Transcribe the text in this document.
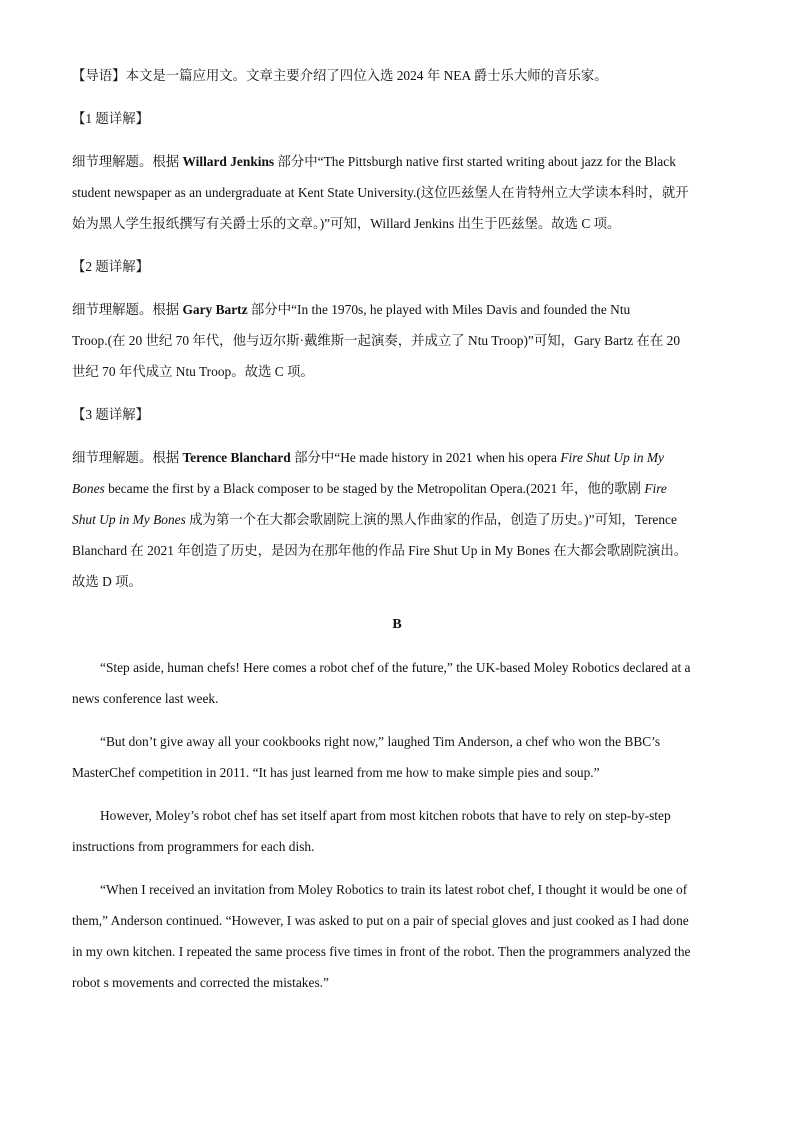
【导语】本文是一篇应用文。文章主要介绍了四位入选 2024 年 NEA 爵士乐大师的音乐家。

【1 题详解】

细节理解题。根据 Willard Jenkins 部分中“The Pittsburgh native first started writing about jazz for the Black

student newspaper as an undergraduate at Kent State University.(这位匹兹堡人在肯特州立大学读本科时，就开

始为黑人学生报纸撰写有关爵士乐的文章。)”可知，Willard Jenkins 出生于匹兹堡。故选 C 项。

【2 题详解】

细节理解题。根据 Gary Bartz 部分中“In the 1970s, he played with Miles Davis and founded the Ntu

Troop.(在 20 世纪 70 年代，他与迈尔斯·戴维斯一起演奏，并成立了 Ntu Troop)”可知，Gary Bartz 在在 20

世纪 70 年代成立 Ntu Troop。故选 C 项。

【3 题详解】

细节理解题。根据 Terence Blanchard 部分中“He made history in 2021 when his opera Fire Shut Up in My

Bones became the first by a Black composer to be staged by the Metropolitan Opera.(2021 年，他的歌剧 Fire

Shut Up in My Bones 成为第一个在大都会歌剧院上演的黑人作曲家的作品，创造了历史。)”可知，Terence

Blanchard 在 2021 年创造了历史，是因为在那年他的作品 Fire Shut Up in My Bones 在大都会歌剧院演出。

故选 D 项。

B

“Step aside, human chefs! Here comes a robot chef of the future,” the UK-based Moley Robotics declared at a

news conference last week.

“But don’t give away all your cookbooks right now,” laughed Tim Anderson, a chef who won the BBC’s

MasterChef competition in 2011. “It has just learned from me how to make simple pies and soup.”

However, Moley’s robot chef has set itself apart from most kitchen robots that have to rely on step-by-step

instructions from programmers for each dish.

“When I received an invitation from Moley Robotics to train its latest robot chef, I thought it would be one of

them,” Anderson continued. “However, I was asked to put on a pair of special gloves and just cooked as I had done

in my own kitchen. I repeated the same process five times in front of the robot. Then the programmers analyzed the

robot s movements and corrected the mistakes.”
